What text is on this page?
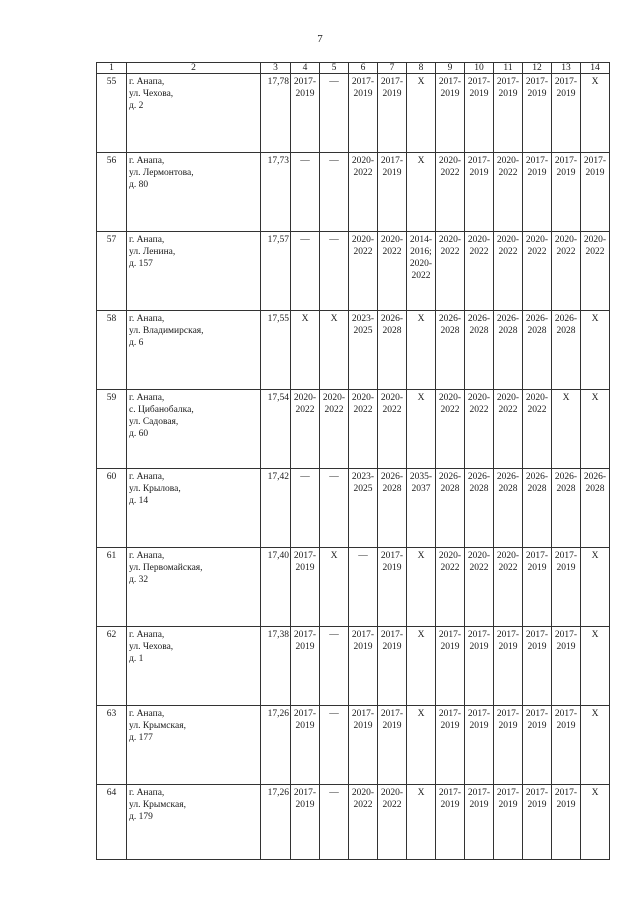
7
1	2	3	4	5	6	7	8	9	10	11	12	13	14
55	г. Анапа,
ул. Чехова,
д. 2	17,78	2017-
2019	—	2017-
2019	2017-
2019	X	2017-
2019	2017-
2019	2017-
2019	2017-
2019	2017-
2019	X

56	г. Анапа,
ул. Лермонтова,
д. 80	17,73	—	—	2020-
2022	2017-
2019	X	2020-
2022	2017-
2019	2020-
2022	2017-
2019	2017-
2019	2017-
2019

57	г. Анапа,
ул. Ленина,
д. 157	17,57	—	—	2020-
2022	2020-
2022	2014-
2016;
2020-
2022	2020-
2022	2020-
2022	2020-
2022	2020-
2022	2020-
2022	2020-
2022

58	г. Анапа,
ул. Владимирская,
д. 6	17,55	X	X	2023-
2025	2026-
2028	X	2026-
2028	2026-
2028	2026-
2028	2026-
2028	2026-
2028	X

59	г. Анапа,
с. Цибанобалка,
ул. Садовая,
д. 60	17,54	2020-
2022	2020-
2022	2020-
2022	2020-
2022	X	2020-
2022	2020-
2022	2020-
2022	2020-
2022	X	X

60	г. Анапа,
ул. Крылова,
д. 14	17,42	—	—	2023-
2025	2026-
2028	2035-
2037	2026-
2028	2026-
2028	2026-
2028	2026-
2028	2026-
2028	2026-
2028

61	г. Анапа,
ул. Первомайская,
д. 32	17,40	2017-
2019	X	—	2017-
2019	X	2020-
2022	2020-
2022	2020-
2022	2017-
2019	2017-
2019	X

62	г. Анапа,
ул. Чехова,
д. 1	17,38	2017-
2019	—	2017-
2019	2017-
2019	X	2017-
2019	2017-
2019	2017-
2019	2017-
2019	2017-
2019	X

63	г. Анапа,
ул. Крымская,
д. 177	17,26	2017-
2019	—	2017-
2019	2017-
2019	X	2017-
2019	2017-
2019	2017-
2019	2017-
2019	2017-
2019	X

64	г. Анапа,
ул. Крымская,
д. 179	17,26	2017-
2019	—	2020-
2022	2020-
2022	X	2017-
2019	2017-
2019	2017-
2019	2017-
2019	2017-
2019	X
